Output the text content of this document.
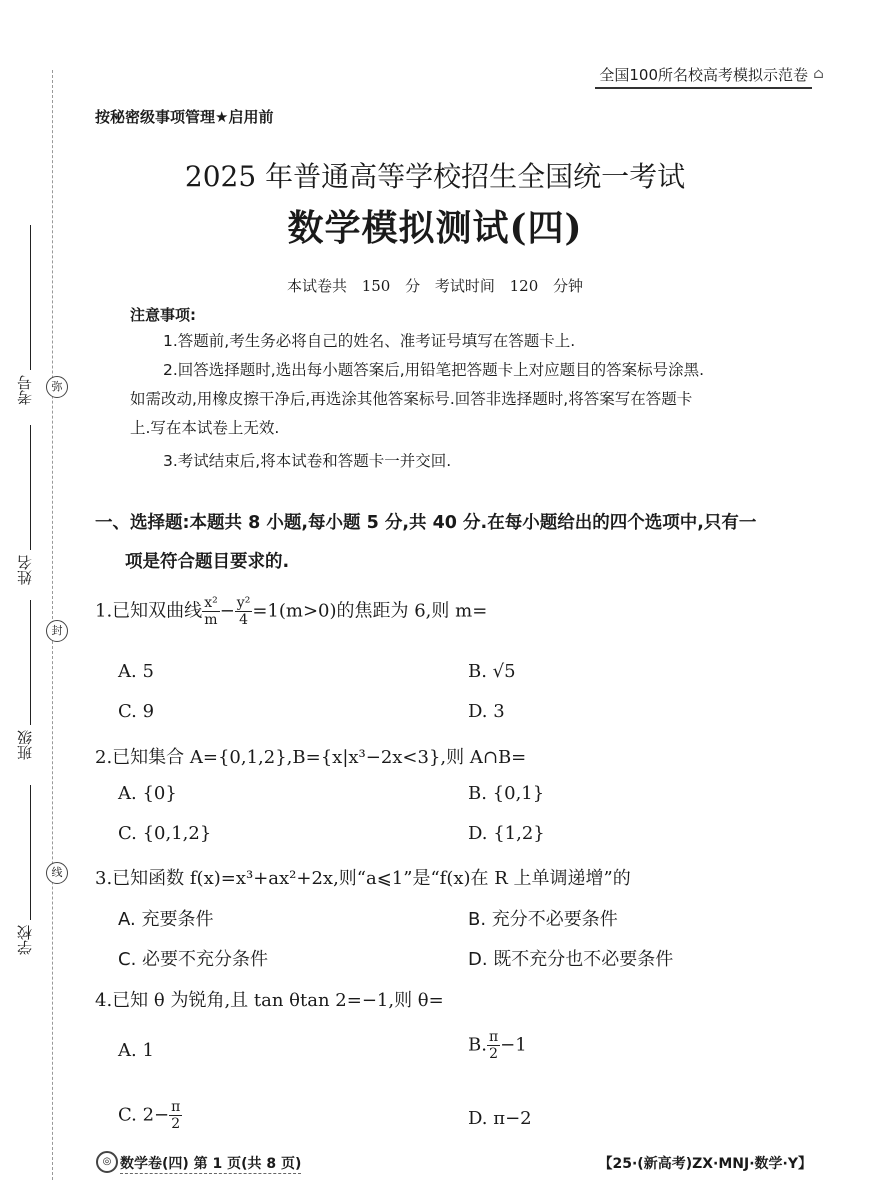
考号
姓名
班级
学校
弥
封
线
全国100所名校高考模拟示范卷 ⌂
按秘密级事项管理★启用前
2025 年普通高等学校招生全国统一考试
数学模拟测试(四)
本试卷共 150 分 考试时间 120 分钟
注意事项:
1.答题前,考生务必将自己的姓名、准考证号填写在答题卡上.
2.回答选择题时,选出每小题答案后,用铅笔把答题卡上对应题目的答案标号涂黑.
如需改动,用橡皮擦干净后,再选涂其他答案标号.回答非选择题时,将答案写在答题卡
上.写在本试卷上无效.
3.考试结束后,将本试卷和答题卡一并交回.
一、选择题:本题共 8 小题,每小题 5 分,共 40 分.在每小题给出的四个选项中,只有一
项是符合题目要求的.
1.已知双曲线 $\frac{\text{x²}}{m} - \frac{\text{y²}}{4} =1(m>0)$的焦距为 6,则 m=
A. 5	B. √5
C. 9	D. 3
2.已知集合 A={0,1,2},B={x|x³−2x<3},则 A∩B=
A. {0}	B. {0,1}
C. {0,1,2}	D. {1,2}
3.已知函数 f(x)=x³+ax²+2x,则“a⩽1”是“f(x)在 R 上单调递增”的
A. 充要条件	B. 充分不必要条件
C. 必要不充分条件	D. 既不充分也不必要条件
4.已知 θ 为锐角,且 tan θtan 2=−1,则 θ=
A. 1	B. $\frac{\pi}{2} -1$
C. $2- \frac{\pi}{2}$	D. π−2
◎ 数学卷(四) 第 1 页(共 8 页)	【25·(新高考)ZX·MNJ·数学·Y】
